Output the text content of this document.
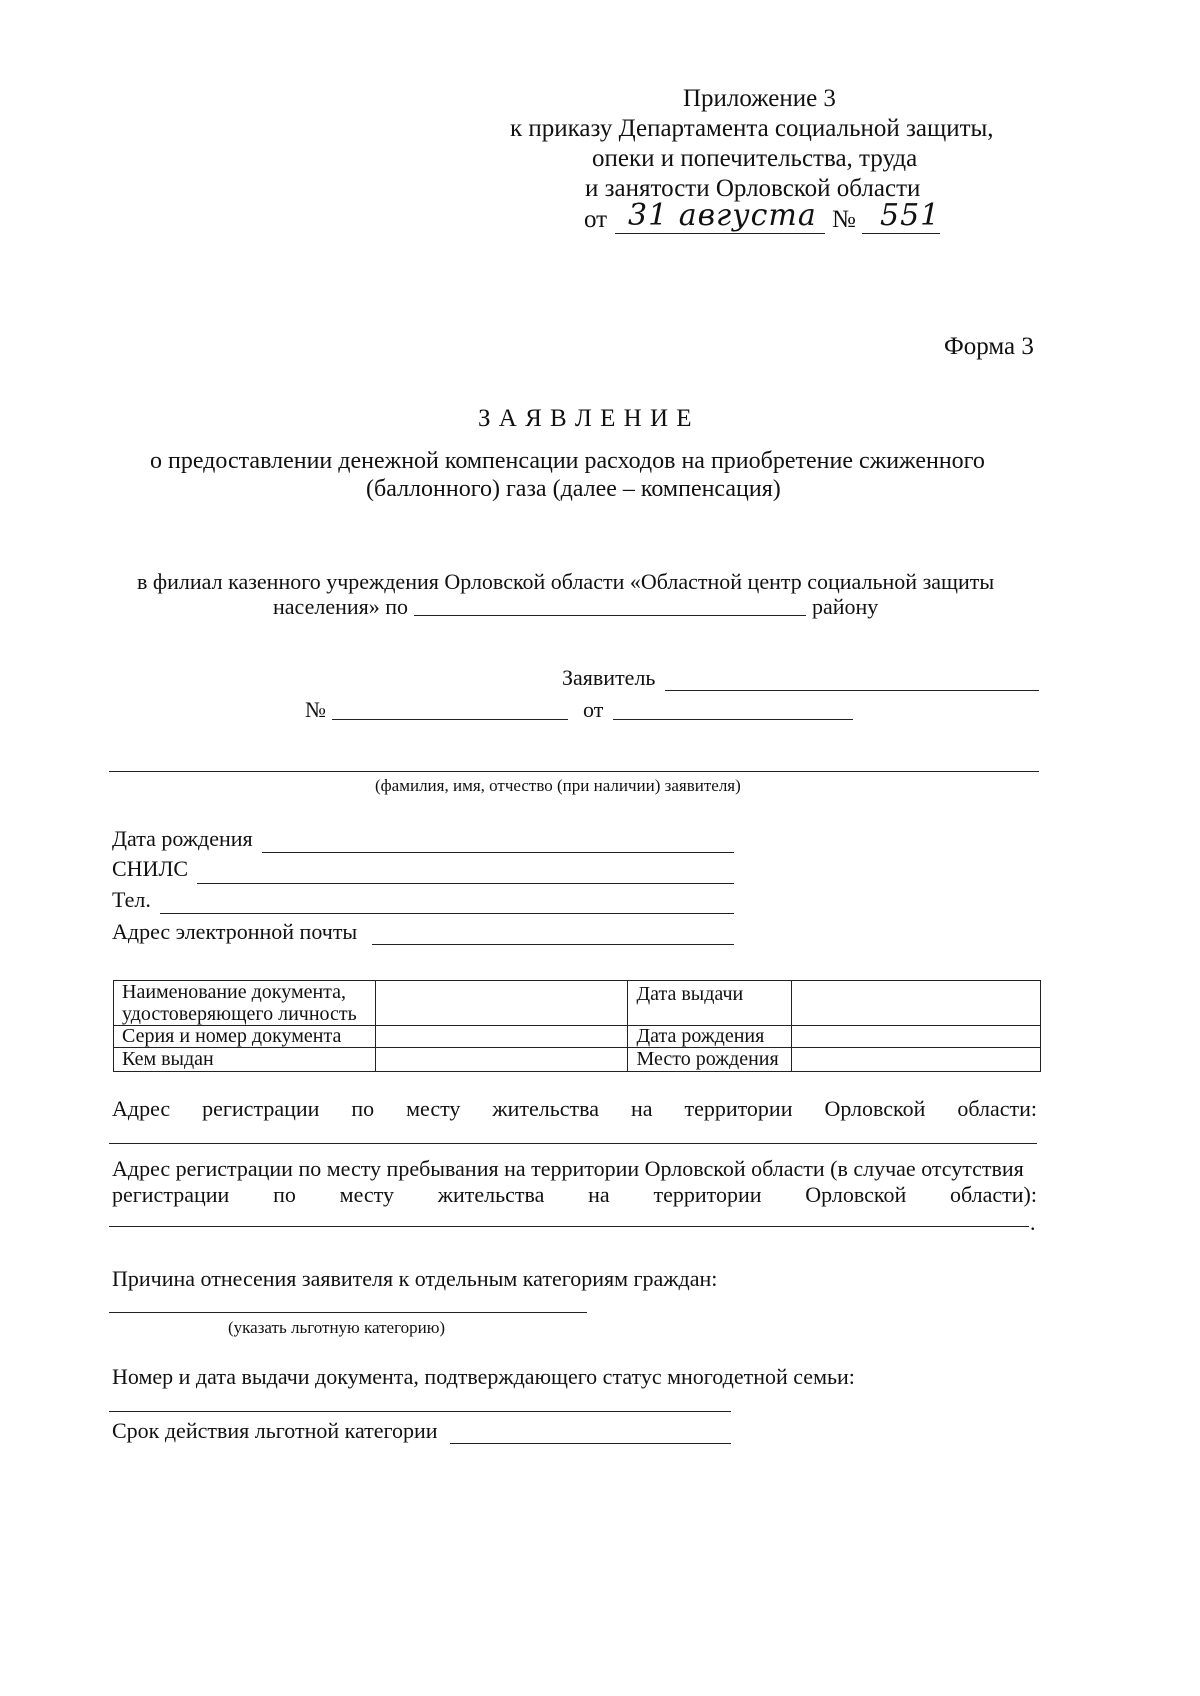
Приложение 3
к приказу Департамента социальной защиты,
опеки и попечительства, труда
и занятости Орловской области
от 31 августа № 551
Форма 3
З А Я В Л Е Н И Е
о предоставлении денежной компенсации расходов на приобретение сжиженного
(баллонного) газа (далее – компенсация)
в филиал казенного учреждения Орловской области «Областной центр социальной защиты
населения» по	району
Заявитель
№	от
(фамилия, имя, отчество (при наличии) заявителя)
Дата рождения
СНИЛС
Тел.
Адрес электронной почты
Наименование документа,
удостоверяющего личность		Дата выдачи	
Серия и номер документа		Дата рождения	
Кем выдан		Место рождения	
Адрес регистрации по месту жительства на территории Орловской области:
Адрес регистрации по месту пребывания на территории Орловской области (в случае отсутствия
регистрации по месту жительства на территории Орловской области):
.
Причина отнесения заявителя к отдельным категориям граждан:
(указать льготную категорию)
Номер и дата выдачи документа, подтверждающего статус многодетной семьи:
Срок действия льготной категории
